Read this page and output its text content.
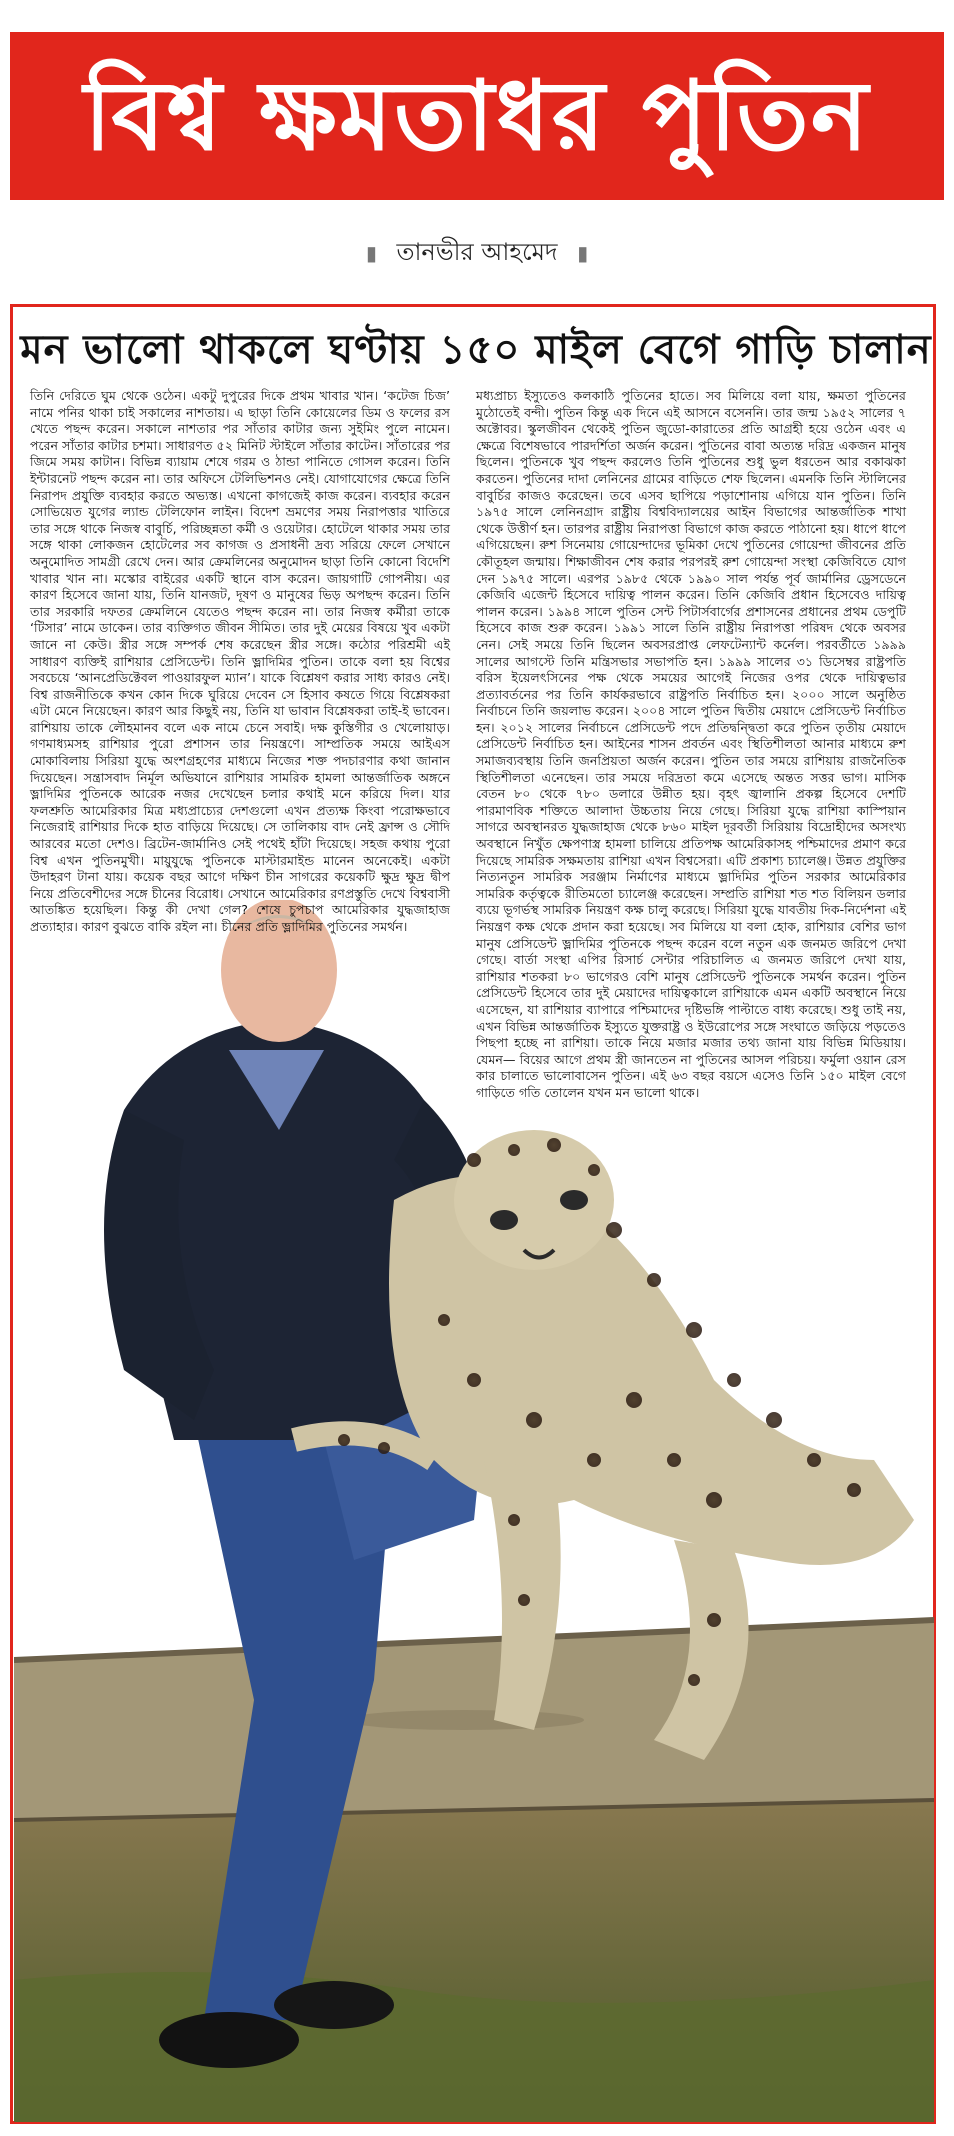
বিশ্ব ক্ষমতাধর পুতিন
▮ তানভীর আহমেদ ▮
মন ভালো থাকলে ঘণ্টায় ১৫০ মাইল বেগে গাড়ি চালান

তিনি দেরিতে ঘুম থেকে ওঠেন। একটু দুপুরের দিকে প্রথম খাবার খান। ‘কটেজ চিজ’ নামে পনির থাকা চাই সকালের নাশতায়। এ ছাড়া তিনি কোয়েলের ডিম ও ফলের রস খেতে পছন্দ করেন। সকালে নাশতার পর সাঁতার কাটার জন্য সুইমিং পুলে নামেন। পরেন সাঁতার কাটার চশমা। সাধারণত ৫২ মিনিট স্টাইলে সাঁতার কাটেন। সাঁতারের পর জিমে সময় কাটান। বিভিন্ন ব্যায়াম শেষে গরম ও ঠান্ডা পানিতে গোসল করেন। তিনি ইন্টারনেট পছন্দ করেন না। তার অফিসে টেলিভিশনও নেই। যোগাযোগের ক্ষেত্রে তিনি নিরাপদ প্রযুক্তি ব্যবহার করতে অভ্যস্ত। এখনো কাগজেই কাজ করেন। ব্যবহার করেন সোভিয়েত যুগের ল্যান্ড টেলিফোন লাইন। বিদেশ ভ্রমণের সময় নিরাপত্তার খাতিরে তার সঙ্গে থাকে নিজস্ব বাবুর্চি, পরিচ্ছন্নতা কর্মী ও ওয়েটার। হোটেলে থাকার সময় তার সঙ্গে থাকা লোকজন হোটেলের সব কাগজ ও প্রসাধনী দ্রব্য সরিয়ে ফেলে সেখানে অনুমোদিত সামগ্রী রেখে দেন। আর ক্রেমলিনের অনুমোদন ছাড়া তিনি কোনো বিদেশি খাবার খান না। মস্কোর বাইরের একটি স্থানে বাস করেন। জায়গাটি গোপনীয়। এর কারণ হিসেবে জানা যায়, তিনি যানজট, দূষণ ও মানুষের ভিড় অপছন্দ করেন। তিনি তার সরকারি দফতর ক্রেমলিনে যেতেও পছন্দ করেন না। তার নিজস্ব কর্মীরা তাকে ‘টিসার’ নামে ডাকেন। তার ব্যক্তিগত জীবন সীমিত। তার দুই মেয়ের বিষয়ে খুব একটা জানে না কেউ। স্ত্রীর সঙ্গে সম্পর্ক শেষ করেছেন স্ত্রীর সঙ্গে। কঠোর পরিশ্রমী এই সাধারণ ব্যক্তিই রাশিয়ার প্রেসিডেন্ট। তিনি ভ্লাদিমির পুতিন। তাকে বলা হয় বিশ্বের সবচেয়ে ‘আনপ্রেডিক্টেবল পাওয়ারফুল ম্যান’। যাকে বিশ্লেষণ করার সাধ্য কারও নেই। বিশ্ব রাজনীতিকে কখন কোন দিকে ঘুরিয়ে দেবেন সে হিসাব কষতে গিয়ে বিশ্লেষকরা এটা মেনে নিয়েছেন। কারণ আর কিছুই নয়, তিনি যা ভাবান বিশ্লেষকরা তাই-ই ভাবেন। রাশিয়ায় তাকে লৌহমানব বলে এক নামে চেনে সবাই। দক্ষ কুস্তিগীর ও খেলোয়াড়। গণমাধ্যমসহ রাশিয়ার পুরো প্রশাসন তার নিয়ন্ত্রণে। সাম্প্রতিক সময়ে আইএস মোকাবিলায় সিরিয়া যুদ্ধে অংশগ্রহণের মাধ্যমে নিজের শক্ত পদচারণার কথা জানান দিয়েছেন। সন্ত্রাসবাদ নির্মূল অভিযানে রাশিয়ার সামরিক হামলা আন্তর্জাতিক অঙ্গনে ভ্লাদিমির পুতিনকে আরেক নজর দেখেছেন চলার কথাই মনে করিয়ে দিল। যার ফলশ্রুতি আমেরিকার মিত্র মধ্যপ্রাচ্যের দেশগুলো এখন প্রত্যক্ষ কিংবা পরোক্ষভাবে নিজেরাই রাশিয়ার দিকে হাত বাড়িয়ে দিয়েছে। সে তালিকায় বাদ নেই ফ্রান্স ও সৌদি আরবের মতো দেশও। ব্রিটেন-জার্মানিও সেই পথেই হাঁটা দিয়েছে। সহজ কথায় পুরো বিশ্ব এখন পুতিনমুখী। মায়ুযুদ্ধে পুতিনকে মাস্টারমাইন্ড মানেন অনেকেই। একটা উদাহরণ টানা যায়। কয়েক বছর আগে দক্ষিণ চীন সাগরের কয়েকটি ক্ষুদ্র ক্ষুদ্র দ্বীপ নিয়ে প্রতিবেশীদের সঙ্গে চীনের বিরোধ। সেখানে আমেরিকার রণপ্রস্তুতি দেখে বিশ্ববাসী আতঙ্কিত হয়েছিল। কিন্তু কী দেখা গেল? শেষে চুপচাপ আমেরিকার যুদ্ধজাহাজ প্রত্যাহার। কারণ বুঝতে বাকি রইল না। চীনের প্রতি ভ্লাদিমির পুতিনের সমর্থন।

মধ্যপ্রাচ্য ইস্যুতেও কলকাঠি পুতিনের হাতে। সব মিলিয়ে বলা যায়, ক্ষমতা পুতিনের মুঠোতেই বন্দী। পুতিন কিন্তু এক দিনে এই আসনে বসেননি। তার জন্ম ১৯৫২ সালের ৭ অক্টোবর। স্কুলজীবন থেকেই পুতিন জুডো-কারাতের প্রতি আগ্রহী হয়ে ওঠেন এবং এ ক্ষেত্রে বিশেষভাবে পারদর্শিতা অর্জন করেন। পুতিনের বাবা অত্যন্ত দরিদ্র একজন মানুষ ছিলেন। পুতিনকে খুব পছন্দ করলেও তিনি পুতিনের শুধু ভুল ধরতেন আর বকাঝকা করতেন। পুতিনের দাদা লেনিনের গ্রামের বাড়িতে শেফ ছিলেন। এমনকি তিনি স্টালিনের বাবুর্চির কাজও করেছেন। তবে এসব ছাপিয়ে পড়াশোনায় এগিয়ে যান পুতিন। তিনি ১৯৭৫ সালে লেনিনগ্রাদ রাষ্ট্রীয় বিশ্ববিদ্যালয়ের আইন বিভাগের আন্তর্জাতিক শাখা থেকে উত্তীর্ণ হন। তারপর রাষ্ট্রীয় নিরাপত্তা বিভাগে কাজ করতে পাঠানো হয়। ধাপে ধাপে এগিয়েছেন। রুশ সিনেমায় গোয়েন্দাদের ভূমিকা দেখে পুতিনের গোয়েন্দা জীবনের প্রতি কৌতূহল জন্মায়। শিক্ষাজীবন শেষ করার পরপরই রুশ গোয়েন্দা সংস্থা কেজিবিতে যোগ দেন ১৯৭৫ সালে। এরপর ১৯৮৫ থেকে ১৯৯০ সাল পর্যন্ত পূর্ব জার্মানির ড্রেসডেনে কেজিবি এজেন্ট হিসেবে দায়িত্ব পালন করেন। তিনি কেজিবি প্রধান হিসেবেও দায়িত্ব পালন করেন। ১৯৯৪ সালে পুতিন সেন্ট পিটার্সবার্গের প্রশাসনের প্রধানের প্রথম ডেপুটি হিসেবে কাজ শুরু করেন। ১৯৯১ সালে তিনি রাষ্ট্রীয় নিরাপত্তা পরিষদ থেকে অবসর নেন। সেই সময়ে তিনি ছিলেন অবসরপ্রাপ্ত লেফটেন্যান্ট কর্নেল। পরবর্তীতে ১৯৯৯ সালের আগস্টে তিনি মন্ত্রিসভার সভাপতি হন। ১৯৯৯ সালের ৩১ ডিসেম্বর রাষ্ট্রপতি বরিস ইয়েলৎসিনের পক্ষ থেকে সময়ের আগেই নিজের ওপর থেকে দায়িত্বভার প্রত্যাবর্তনের পর তিনি কার্যকরভাবে রাষ্ট্রপতি নির্বাচিত হন। ২০০০ সালে অনুষ্ঠিত নির্বাচনে তিনি জয়লাভ করেন। ২০০৪ সালে পুতিন দ্বিতীয় মেয়াদে প্রেসিডেন্ট নির্বাচিত হন। ২০১২ সালের নির্বাচনে প্রেসিডেন্ট পদে প্রতিদ্বন্দ্বিতা করে পুতিন তৃতীয় মেয়াদে প্রেসিডেন্ট নির্বাচিত হন। আইনের শাসন প্রবর্তন এবং স্থিতিশীলতা আনার মাধ্যমে রুশ সমাজব্যবস্থায় তিনি জনপ্রিয়তা অর্জন করেন। পুতিন তার সময়ে রাশিয়ায় রাজনৈতিক স্থিতিশীলতা এনেছেন। তার সময়ে দরিদ্রতা কমে এসেছে অন্তত সত্তর ভাগ। মাসিক বেতন ৮০ থেকে ৭৮০ ডলারে উন্নীত হয়। বৃহৎ জ্বালানি প্রকল্প হিসেবে দেশটি পারমাণবিক শক্তিতে আলাদা উচ্চতায় নিয়ে গেছে। সিরিয়া যুদ্ধে রাশিয়া কাস্পিয়ান সাগরে অবস্থানরত যুদ্ধজাহাজ থেকে ৮৬০ মাইল দূরবর্তী সিরিয়ায় বিদ্রোহীদের অসংখ্য অবস্থানে নিখুঁত ক্ষেপণাস্ত্র হামলা চালিয়ে প্রতিপক্ষ আমেরিকাসহ পশ্চিমাদের প্রমাণ করে দিয়েছে সামরিক সক্ষমতায় রাশিয়া এখন বিশ্বসেরা। এটি প্রকাশ্য চ্যালেঞ্জ। উন্নত প্রযুক্তির নিত্যনতুন সামরিক সরঞ্জাম নির্মাণের মাধ্যমে ভ্লাদিমির পুতিন সরকার আমেরিকার সামরিক কর্তৃত্বকে রীতিমতো চ্যালেঞ্জ করেছেন। সম্প্রতি রাশিয়া শত শত বিলিয়ন ডলার ব্যয়ে ভূগর্ভস্থ সামরিক নিয়ন্ত্রণ কক্ষ চালু করেছে। সিরিয়া যুদ্ধে যাবতীয় দিক-নির্দেশনা এই নিয়ন্ত্রণ কক্ষ থেকে প্রদান করা হয়েছে। সব মিলিয়ে যা বলা হোক, রাশিয়ার বেশির ভাগ মানুষ প্রেসিডেন্ট ভ্লাদিমির পুতিনকে পছন্দ করেন বলে নতুন এক জনমত জরিপে দেখা গেছে। বার্তা সংস্থা এপির রিসার্চ সেন্টার পরিচালিত এ জনমত জরিপে দেখা যায়, রাশিয়ার শতকরা ৮০ ভাগেরও বেশি মানুষ প্রেসিডেন্ট পুতিনকে সমর্থন করেন। পুতিন প্রেসিডেন্ট হিসেবে তার দুই মেয়াদের দায়িত্বকালে রাশিয়াকে এমন একটি অবস্থানে নিয়ে এসেছেন, যা রাশিয়ার ব্যাপারে পশ্চিমাদের দৃষ্টিভঙ্গি পাল্টাতে বাধ্য করেছে। শুধু তাই নয়, এখন বিভিন্ন আন্তর্জাতিক ইস্যুতে যুক্তরাষ্ট্র ও ইউরোপের সঙ্গে সংঘাতে জড়িয়ে পড়তেও পিছপা হচ্ছে না রাশিয়া। তাকে নিয়ে মজার মজার তথ্য জানা যায় বিভিন্ন মিডিয়ায়। যেমন— বিয়ের আগে প্রথম স্ত্রী জানতেন না পুতিনের আসল পরিচয়। ফর্মুলা ওয়ান রেস কার চালাতে ভালোবাসেন পুতিন। এই ৬৩ বছর বয়সে এসেও তিনি ১৫০ মাইল বেগে গাড়িতে গতি তোলেন যখন মন ভালো থাকে।
